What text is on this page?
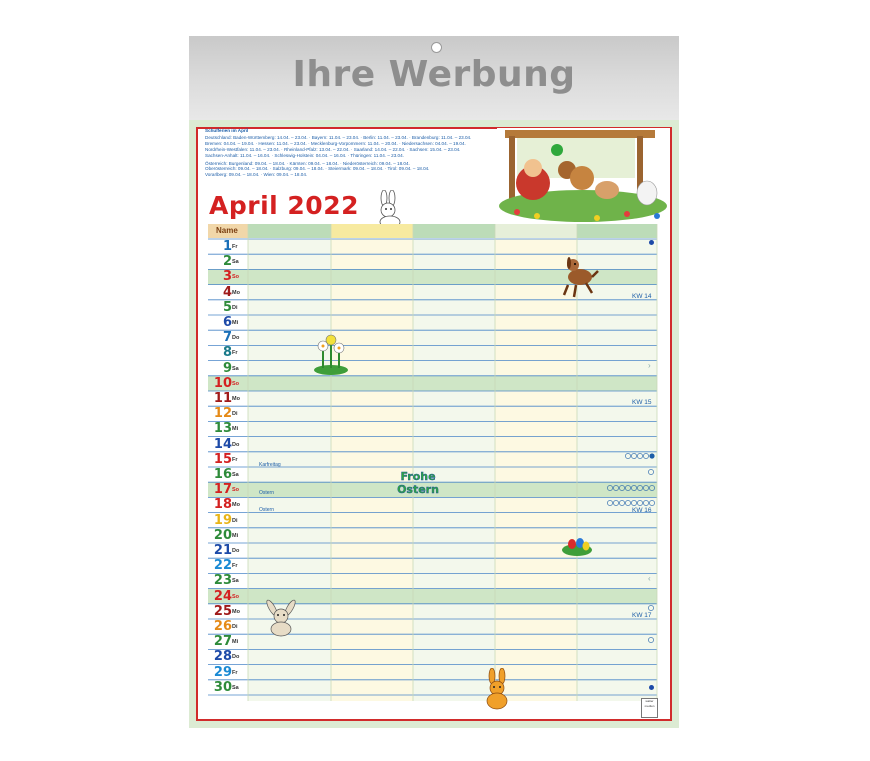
Ihre Werbung
Schulferien im April
Deutschland: Baden-Württemberg: 14.04. – 23.04. · Bayern: 11.04. – 23.04. · Berlin: 11.04. – 23.04. · Brandenburg: 11.04. – 23.04.
Bremen: 04.04. – 19.04. · Hessen: 11.04. – 23.04. · Mecklenburg-Vorpommern: 11.04. – 20.04. · Niedersachsen: 04.04. – 19.04.
Nordrhein-Westfalen: 11.04. – 23.04. · Rheinland-Pfalz: 13.04. – 22.04. · Saarland: 14.04. – 22.04. · Sachsen: 15.04. – 23.04.
Sachsen-Anhalt: 11.04. – 16.04. · Schleswig-Holstein: 04.04. – 16.04. · Thüringen: 11.04. – 23.04.
Österreich: Burgenland: 09.04. – 18.04. · Kärnten: 09.04. – 18.04. · Niederösterreich: 09.04. – 18.04.
Oberösterreich: 09.04. – 18.04. · Salzburg: 09.04. – 18.04. · Steiermark: 09.04. – 18.04. · Tirol: 09.04. – 18.04.
Vorarlberg: 09.04. – 18.04. · Wien: 09.04. – 18.04.
April 2022
Name
1 Fr
2 Sa
3 So
4 Mo
5 Di
6 Mi
7 Do
8 Fr
9 Sa
10 So
11 Mo
12 Di
13 Mi
14 Do
15 Fr
16 Sa
17 So
18 Mo
19 Di
20 Mi
21 Do
22 Fr
23 Sa
24 So
25 Mo
26 Di
27 Mi
28 Do
29 Fr
30 Sa
Karfreitag
Ostern
Ostern
KW 14
KW 15
KW 16
KW 17
›
‹
Frohe
Ostern
walter medien
